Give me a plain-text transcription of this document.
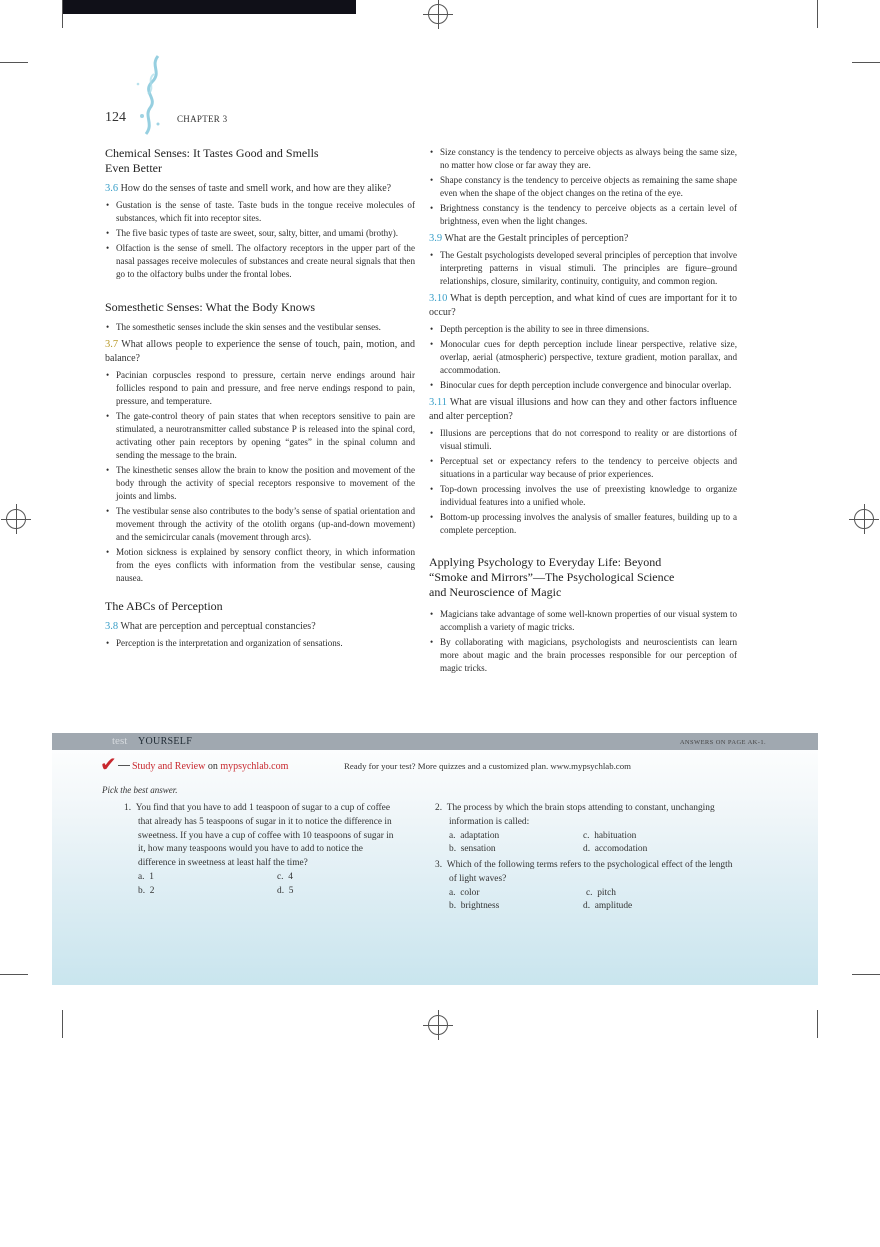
124	CHAPTER 3
Chemical Senses: It Tastes Good and Smells
Even Better
3.6 How do the senses of taste and smell work, and how are they alike?
• Gustation is the sense of taste. Taste buds in the tongue receive molecules of substances, which fit into receptor sites.
• The five basic types of taste are sweet, sour, salty, bitter, and umami (brothy).
• Olfaction is the sense of smell. The olfactory receptors in the upper part of the nasal passages receive molecules of substances and create neural signals that then go to the olfactory bulbs under the frontal lobes.
Somesthetic Senses: What the Body Knows
• The somesthetic senses include the skin senses and the vestibular senses.
3.7 What allows people to experience the sense of touch, pain, motion, and balance?
• Pacinian corpuscles respond to pressure, certain nerve endings around hair follicles respond to pain and pressure, and free nerve endings respond to pain, pressure, and temperature.
• The gate-control theory of pain states that when receptors sensitive to pain are stimulated, a neurotransmitter called substance P is released into the spinal cord, activating other pain receptors by opening “gates” in the spinal column and sending the message to the brain.
• The kinesthetic senses allow the brain to know the position and movement of the body through the activity of special receptors responsive to movement of the joints and limbs.
• The vestibular sense also contributes to the body’s sense of spatial orientation and movement through the activity of the otolith organs (up-and-down movement) and the semicircular canals (movement through arcs).
• Motion sickness is explained by sensory conflict theory, in which information from the eyes conflicts with information from the vestibular sense, causing nausea.
The ABCs of Perception
3.8 What are perception and perceptual constancies?
• Perception is the interpretation and organization of sensations.
• Size constancy is the tendency to perceive objects as always being the same size, no matter how close or far away they are.
• Shape constancy is the tendency to perceive objects as remaining the same shape even when the shape of the object changes on the retina of the eye.
• Brightness constancy is the tendency to perceive objects as a certain level of brightness, even when the light changes.
3.9 What are the Gestalt principles of perception?
• The Gestalt psychologists developed several principles of perception that involve interpreting patterns in visual stimuli. The principles are figure–ground relationships, closure, similarity, continuity, contiguity, and common region.
3.10 What is depth perception, and what kind of cues are important for it to occur?
• Depth perception is the ability to see in three dimensions.
• Monocular cues for depth perception include linear perspective, relative size, overlap, aerial (atmospheric) perspective, texture gradient, motion parallax, and accommodation.
• Binocular cues for depth perception include convergence and binocular overlap.
3.11 What are visual illusions and how can they and other factors influence and alter perception?
• Illusions are perceptions that do not correspond to reality or are distortions of visual stimuli.
• Perceptual set or expectancy refers to the tendency to perceive objects and situations in a particular way because of prior experiences.
• Top-down processing involves the use of preexisting knowledge to organize individual features into a unified whole.
• Bottom-up processing involves the analysis of smaller features, building up to a complete perception.
Applying Psychology to Everyday Life: Beyond
“Smoke and Mirrors”—The Psychological Science
and Neuroscience of Magic
• Magicians take advantage of some well-known properties of our visual system to accomplish a variety of magic tricks.
• By collaborating with magicians, psychologists and neuroscientists can learn more about magic and the brain processes responsible for our perception of magic tricks.
test YOURSELF	ANSWERS ON PAGE AK-1.
✔ Study and Review on mypsychlab.com	Ready for your test? More quizzes and a customized plan. www.mypsychlab.com
Pick the best answer.
1.  You find that you have to add 1 teaspoon of sugar to a cup of coffee that already has 5 teaspoons of sugar in it to notice the difference in sweetness. If you have a cup of coffee with 10 teaspoons of sugar in it, how many teaspoons would you have to add to notice the difference in sweetness at least half the time?
a.  1	c.  4
b.  2	d.  5
2.  The process by which the brain stops attending to constant, unchanging information is called:
a.  adaptation	c.  habituation
b.  sensation	d.  accomodation
3.  Which of the following terms refers to the psychological effect of the length of light waves?
a.  color	c.  pitch
b.  brightness	d.  amplitude
